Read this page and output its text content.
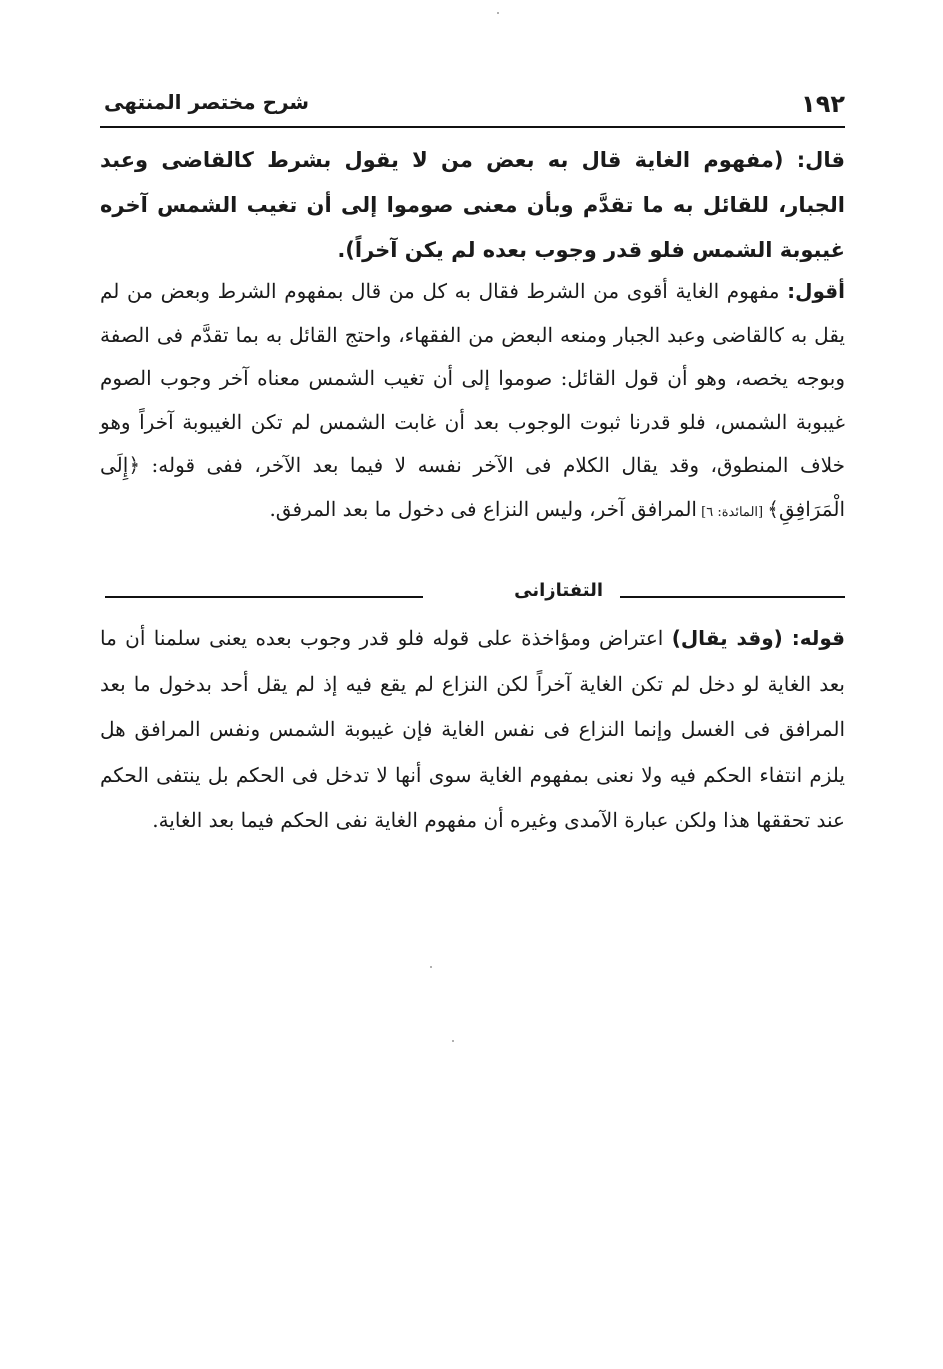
١٩٢
شرح مختصر المنتهى
قال: (مفهوم الغاية قال به بعض من لا يقول بشرط كالقاضى وعبد الجبار، للقائل به ما تقدَّم وبأن معنى صوموا إلى أن تغيب الشمس آخره غيبوبة الشمس فلو قدر وجوب بعده لم يكن آخراً).
أقول: مفهوم الغاية أقوى من الشرط فقال به كل من قال بمفهوم الشرط وبعض من لم يقل به كالقاضى وعبد الجبار ومنعه البعض من الفقهاء، واحتج القائل به بما تقدَّم فى الصفة وبوجه يخصه، وهو أن قول القائل: صوموا إلى أن تغيب الشمس معناه آخر وجوب الصوم غيبوبة الشمس، فلو قدرنا ثبوت الوجوب بعد أن غابت الشمس لم تكن الغيبوبة آخراً وهو خلاف المنطوق، وقد يقال الكلام فى الآخر نفسه لا فيما بعد الآخر، ففى قوله: ﴿إِلَى الْمَرَافِقِ﴾ [المائدة: ٦] المرافق آخر، وليس النزاع فى دخول ما بعد المرفق.
التفتازانى
قوله: (وقد يقال) اعتراض ومؤاخذة على قوله فلو قدر وجوب بعده يعنى سلمنا أن ما بعد الغاية لو دخل لم تكن الغاية آخراً لكن النزاع لم يقع فيه إذ لم يقل أحد بدخول ما بعد المرافق فى الغسل وإنما النزاع فى نفس الغاية فإن غيبوبة الشمس ونفس المرافق هل يلزم انتفاء الحكم فيه ولا نعنى بمفهوم الغاية سوى أنها لا تدخل فى الحكم بل ينتفى الحكم عند تحققها هذا ولكن عبارة الآمدى وغيره أن مفهوم الغاية نفى الحكم فيما بعد الغاية.
